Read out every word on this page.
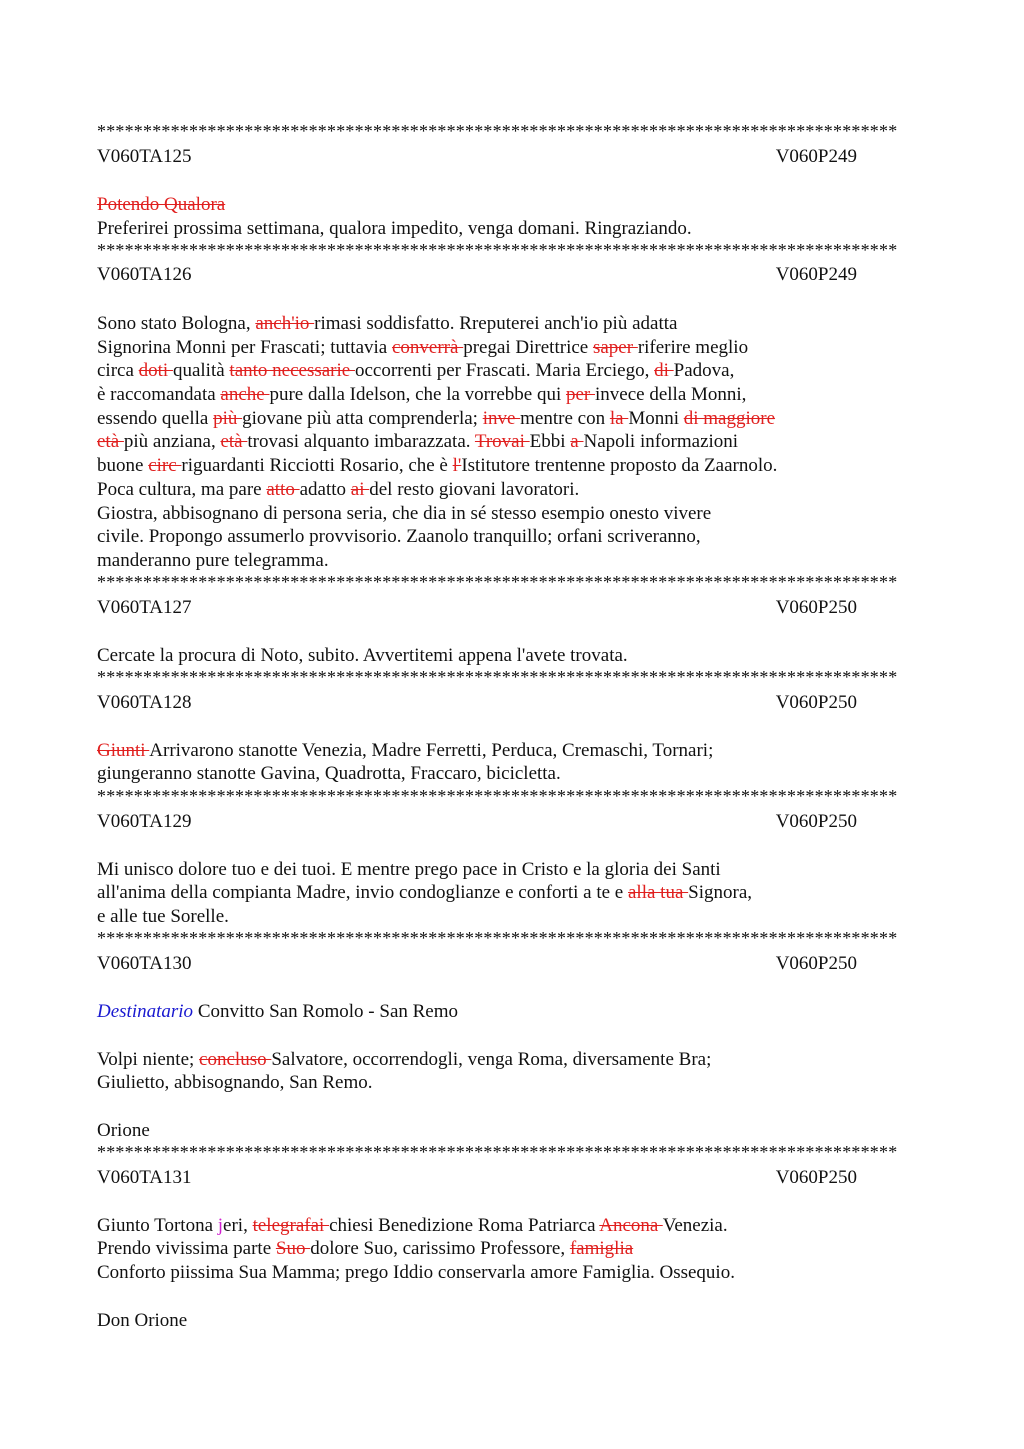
***************************************************************************************
V060TA125	V060P249
Potendo Qualora
Preferirei prossima settimana, qualora impedito, venga domani. Ringraziando.
***************************************************************************************
V060TA126	V060P249
Sono stato Bologna, anch'io rimasi soddisfatto. Rreputerei anch'io più adatta
Signorina Monni per Frascati; tuttavia converrà pregai Direttrice saper riferire meglio
circa doti qualità tanto necessarie occorrenti per Frascati. Maria Erciego, di Padova,
è raccomandata anche pure dalla Idelson, che la vorrebbe qui per invece della Monni,
essendo quella più giovane più atta comprenderla; inve mentre con la Monni di maggiore
età più anziana, età trovasi alquanto imbarazzata. Trovai Ebbi a Napoli informazioni
buone circ riguardanti Ricciotti Rosario, che è l'Istitutore trentenne proposto da Zaarnolo.
Poca cultura, ma pare atto adatto ai del resto giovani lavoratori.
Giostra, abbisognano di persona seria, che dia in sé stesso esempio onesto vivere
civile. Propongo assumerlo provvisorio. Zaanolo tranquillo; orfani scriveranno,
manderanno pure telegramma.
***************************************************************************************
V060TA127	V060P250
Cercate la procura di Noto, subito. Avvertitemi appena l'avete trovata.
***************************************************************************************
V060TA128	V060P250
Giunti Arrivarono stanotte Venezia, Madre Ferretti, Perduca, Cremaschi, Tornari;
giungeranno stanotte Gavina, Quadrotta, Fraccaro, bicicletta.
***************************************************************************************
V060TA129	V060P250
Mi unisco dolore tuo e dei tuoi. E mentre prego pace in Cristo e la gloria dei Santi
all'anima della compianta Madre, invio condoglianze e conforti a te e alla tua Signora,
e alle tue Sorelle.
***************************************************************************************
V060TA130	V060P250
Destinatario Convitto San Romolo - San Remo
Volpi niente; concluso Salvatore, occorrendogli, venga Roma, diversamente Bra;
Giulietto, abbisognando, San Remo.
Orione
***************************************************************************************
V060TA131	V060P250
Giunto Tortona jeri, telegrafai chiesi Benedizione Roma Patriarca Ancona Venezia.
Prendo vivissima parte Suo dolore Suo, carissimo Professore, famiglia
Conforto piissima Sua Mamma; prego Iddio conservarla amore Famiglia. Ossequio.
Don Orione
